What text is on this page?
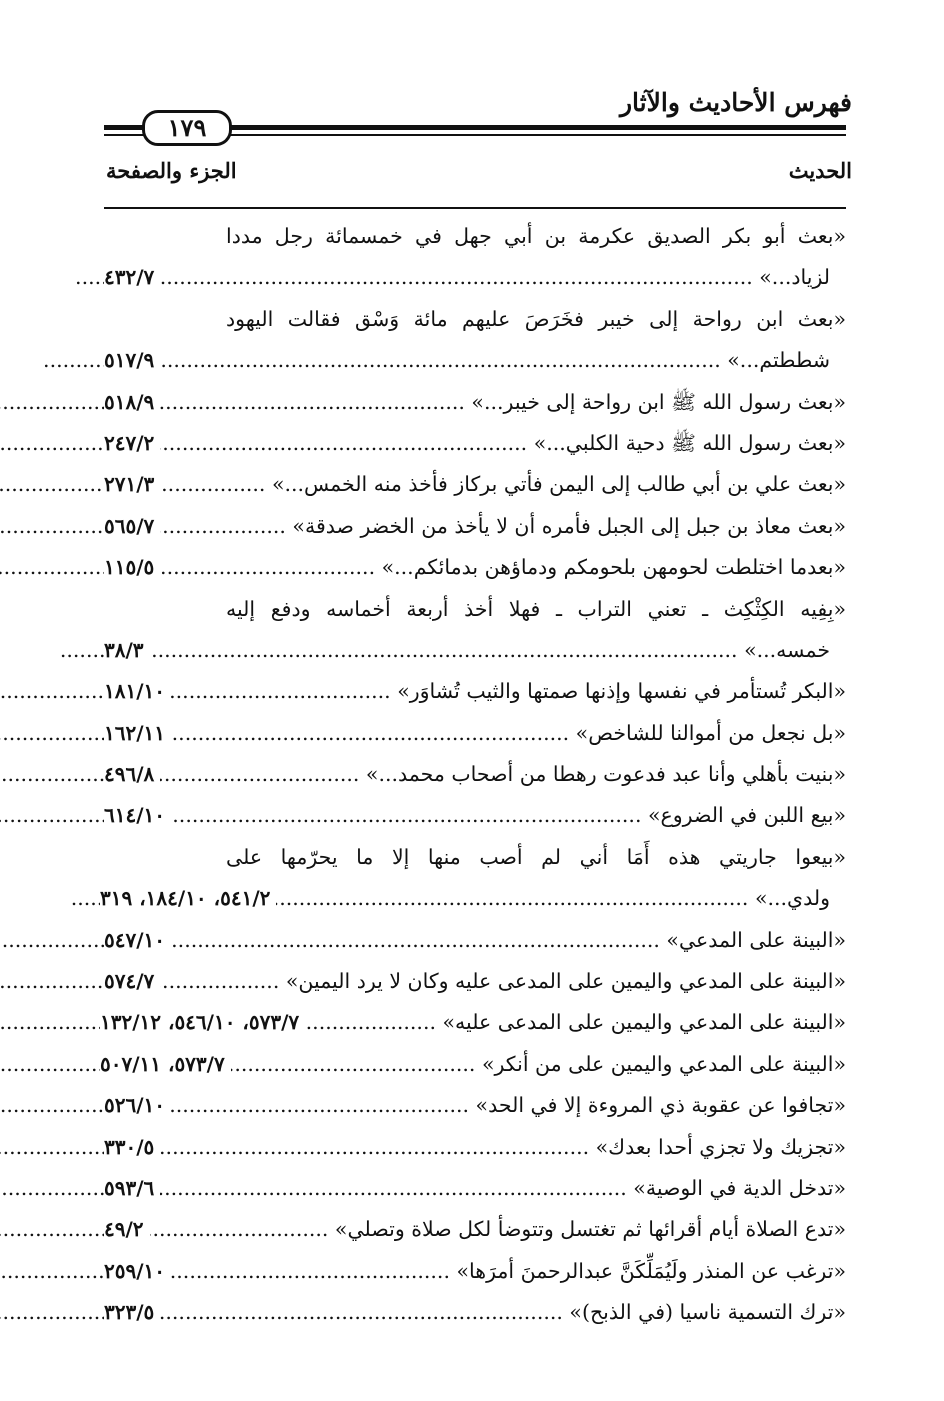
فهرس الأحاديث والآثار
١٧٩
الحديث
الجزء والصفحة
«بعث أبو بكر الصديق عكرمة بن أبي جهل في خمسمائة رجل مددا
لزياد...» .....
٤٣٢/٧
«بعث ابن رواحة إلى خيبر فخَرَصَ عليهم مائة وَسْق فقالت اليهود
شططتم...» .....
٥١٧/٩
«بعث رسول الله ﷺ ابن رواحة إلى خيبر...» .....
٥١٨/٩
«بعث رسول الله ﷺ دحية الكلبي...» .....
٢٤٧/٢
«بعث علي بن أبي طالب إلى اليمن فأتي بركاز فأخذ منه الخمس...» .....
٢٧١/٣
«بعث معاذ بن جبل إلى الجبل فأمره أن لا يأخذ من الخضر صدقة» .....
٥٦٥/٧
«بعدما اختلطت لحومهن بلحومكم ودماؤهن بدمائكم...» .....
١١٥/٥
«بِفِيه الكِثْكِث ـ تعني التراب ـ فهلا أخذ أربعة أخماسه ودفع إليه
خمسه...» .....
٣٨/٣
«البكر تُستأمر في نفسها وإذنها صمتها والثيب تُشاوَر» .....
١٨١/١٠
«بل نجعل من أموالنا للشاخص» .....
١٦٢/١١
«بنيت بأهلي وأنا عبد فدعوت رهطا من أصحاب محمد...» .....
٤٩٦/٨
«بيع اللبن في الضروع» .....
٦١٤/١٠
«بيعوا جاريتي هذه أَمَا أني لم أصب منها إلا ما يحرّمها على
ولدي...» .....
٥٤١/٢، ١٨٤/١٠، ٣١٩
«البينة على المدعي» .....
٥٤٧/١٠
«البينة على المدعي واليمين على المدعى عليه وكان لا يرد اليمين» .....
٥٧٤/٧
«البينة على المدعي واليمين على المدعى عليه» .....
٥٧٣/٧، ٥٤٦/١٠، ١٣٢/١٢
«البينة على المدعي واليمين على من أنكر» .....
٥٧٣/٧، ٥٠٧/١١
«تجافوا عن عقوبة ذي المروءة إلا في الحد» .....
٥٢٦/١٠
«تجزيك ولا تجزي أحدا بعدك» .....
٣٣٠/٥
«تدخل الدية في الوصية» .....
٥٩٣/٦
«تدع الصلاة أيام أقرائها ثم تغتسل وتتوضأ لكل صلاة وتصلي» .....
٤٩/٢
«ترغب عن المنذر ولَيُمَلِّكَنَّ عبدالرحمنَ أمرَها» .....
٢٥٩/١٠
«ترك التسمية ناسيا (في الذبح)» .....
٣٢٣/٥
